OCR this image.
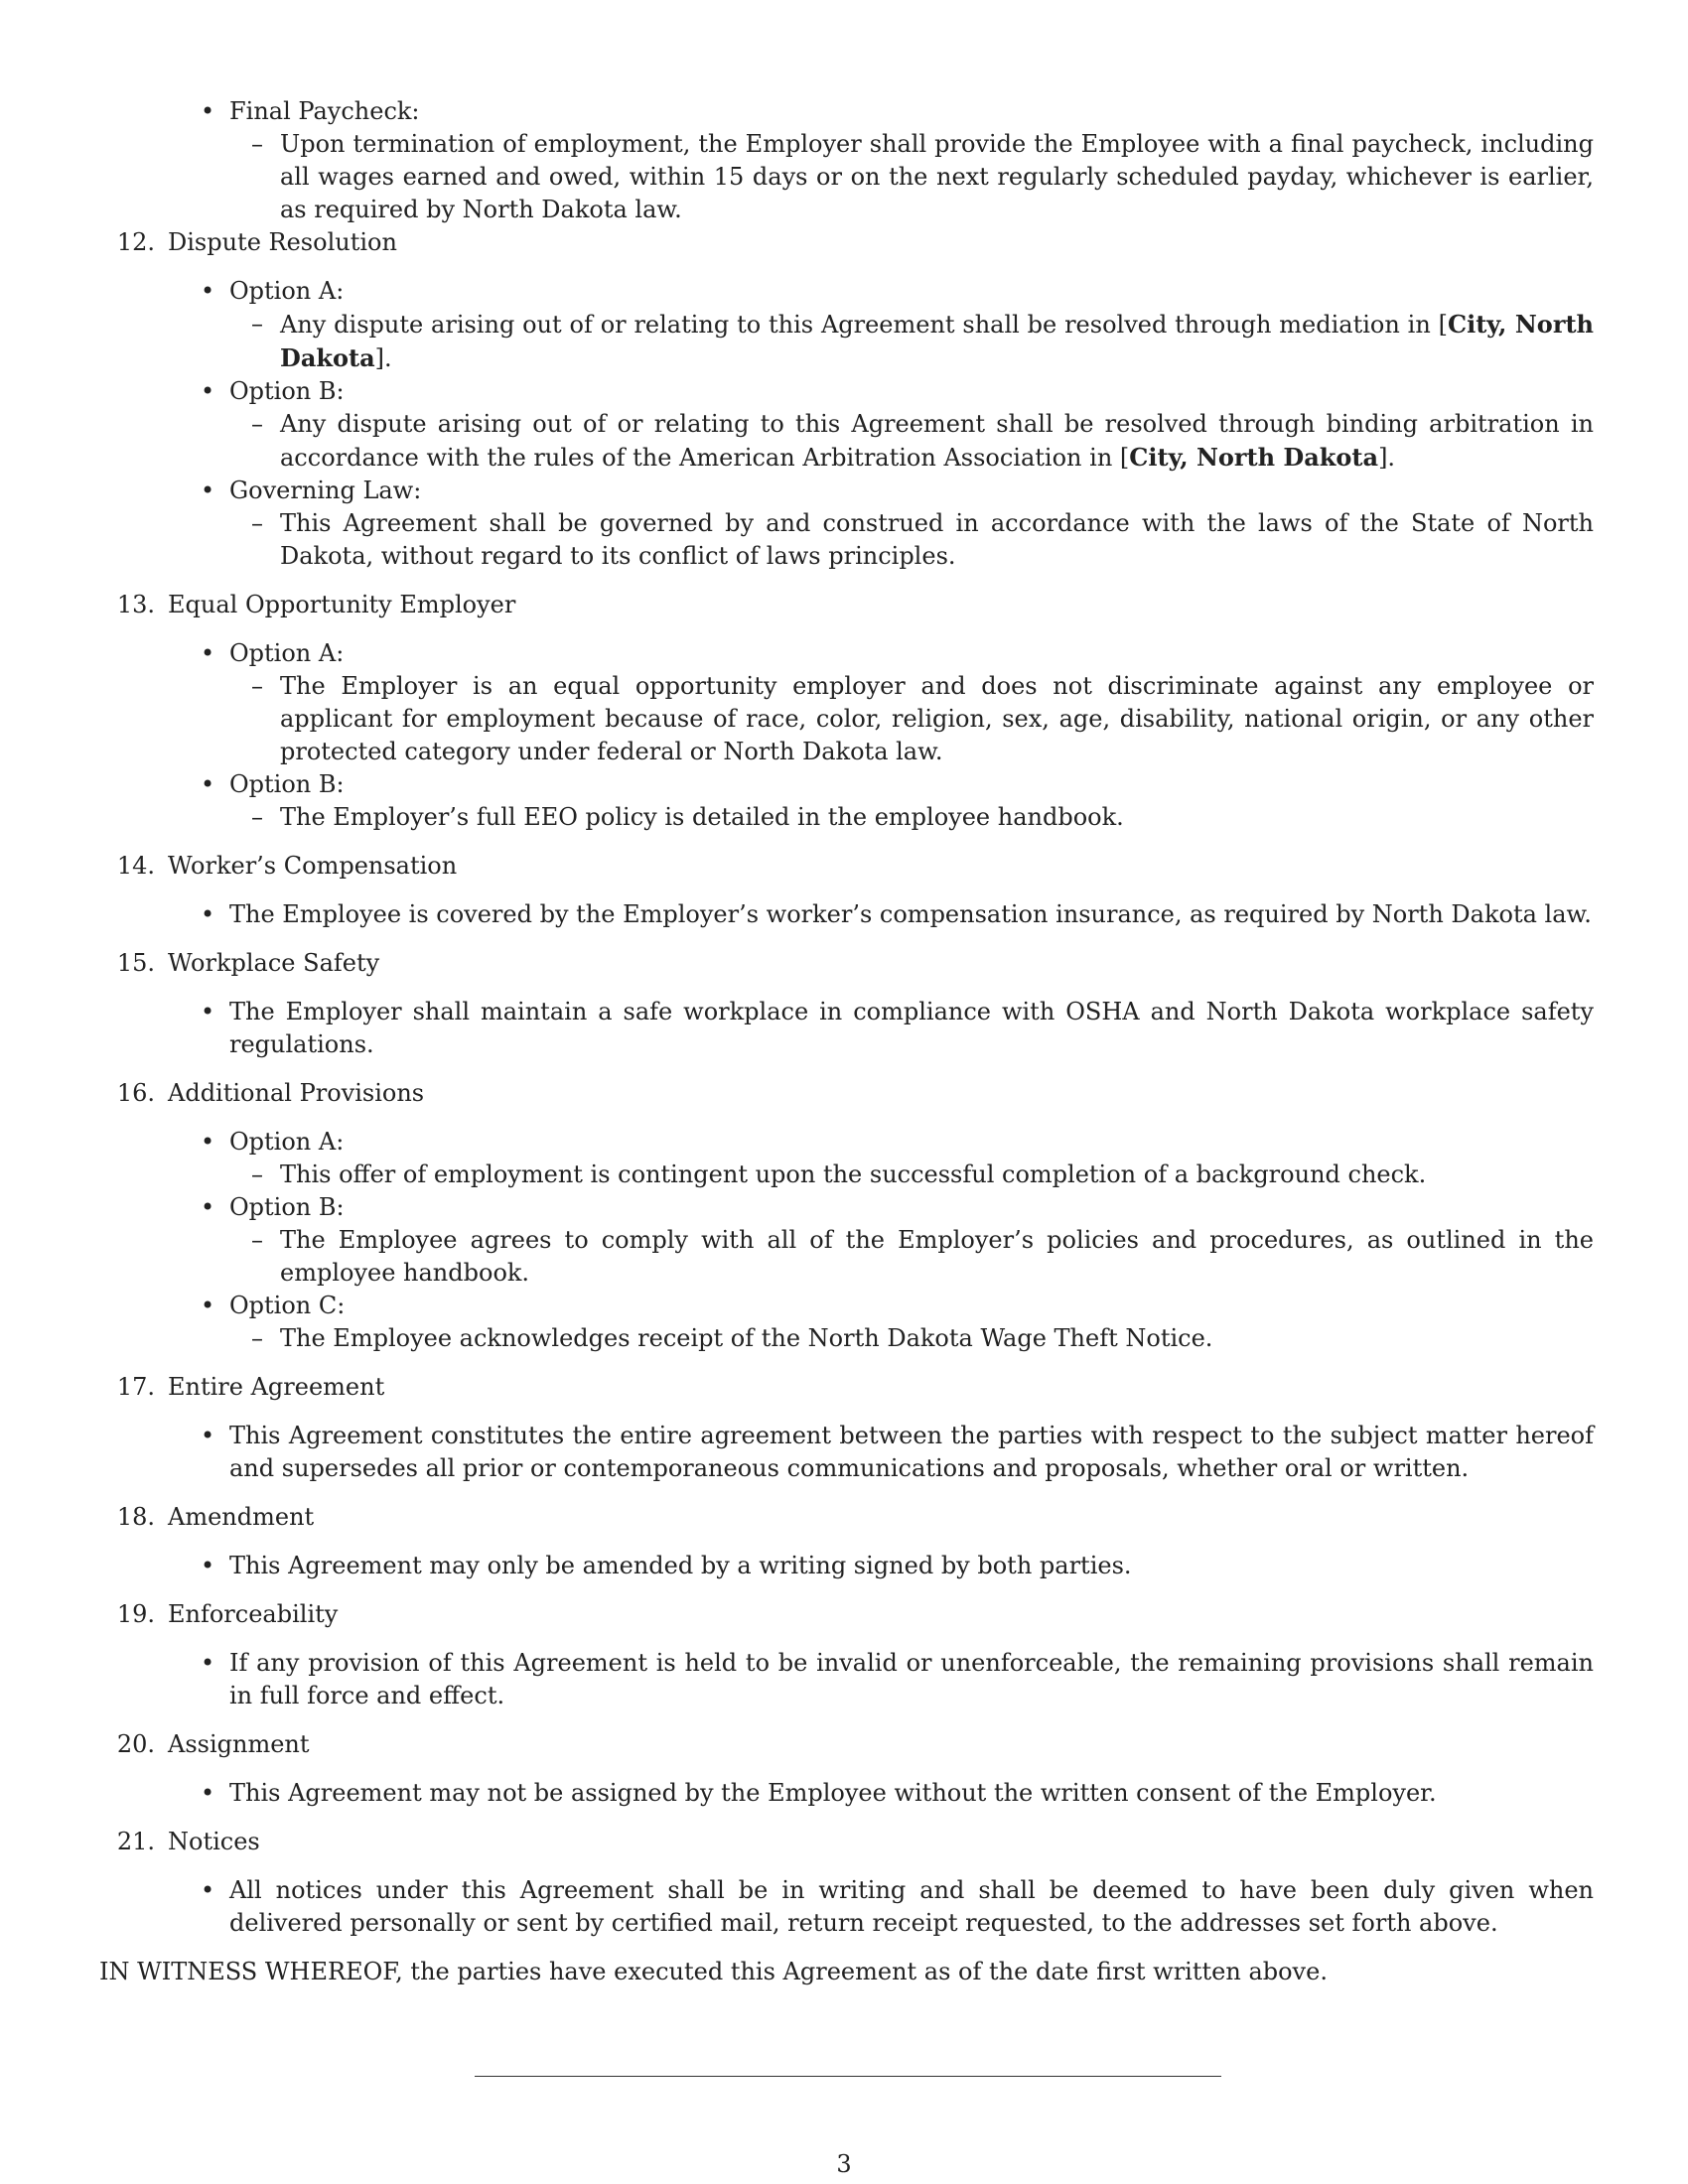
• Final Paycheck:
– Upon termination of employment, the Employer shall provide the Employee with a final paycheck, including all wages earned and owed, within 15 days or on the next regularly scheduled payday, whichever is earlier, as required by North Dakota law.
12. Dispute Resolution
• Option A:
– Any dispute arising out of or relating to this Agreement shall be resolved through mediation in [City, North Dakota].
• Option B:
– Any dispute arising out of or relating to this Agreement shall be resolved through binding arbitration in accordance with the rules of the American Arbitration Association in [City, North Dakota].
• Governing Law:
– This Agreement shall be governed by and construed in accordance with the laws of the State of North Dakota, without regard to its conflict of laws principles.
13. Equal Opportunity Employer
• Option A:
– The Employer is an equal opportunity employer and does not discriminate against any employee or applicant for employment because of race, color, religion, sex, age, disability, national origin, or any other protected category under federal or North Dakota law.
• Option B:
– The Employer’s full EEO policy is detailed in the employee handbook.
14. Worker’s Compensation
• The Employee is covered by the Employer’s worker’s compensation insurance, as required by North Dakota law.
15. Workplace Safety
• The Employer shall maintain a safe workplace in compliance with OSHA and North Dakota workplace safety regulations.
16. Additional Provisions
• Option A:
– This offer of employment is contingent upon the successful completion of a background check.
• Option B:
– The Employee agrees to comply with all of the Employer’s policies and procedures, as outlined in the employee handbook.
• Option C:
– The Employee acknowledges receipt of the North Dakota Wage Theft Notice.
17. Entire Agreement
• This Agreement constitutes the entire agreement between the parties with respect to the subject matter hereof and supersedes all prior or contemporaneous communications and proposals, whether oral or written.
18. Amendment
• This Agreement may only be amended by a writing signed by both parties.
19. Enforceability
• If any provision of this Agreement is held to be invalid or unenforceable, the remaining provisions shall remain in full force and effect.
20. Assignment
• This Agreement may not be assigned by the Employee without the written consent of the Employer.
21. Notices
• All notices under this Agreement shall be in writing and shall be deemed to have been duly given when delivered personally or sent by certified mail, return receipt requested, to the addresses set forth above.
IN WITNESS WHEREOF, the parties have executed this Agreement as of the date first written above.
3
